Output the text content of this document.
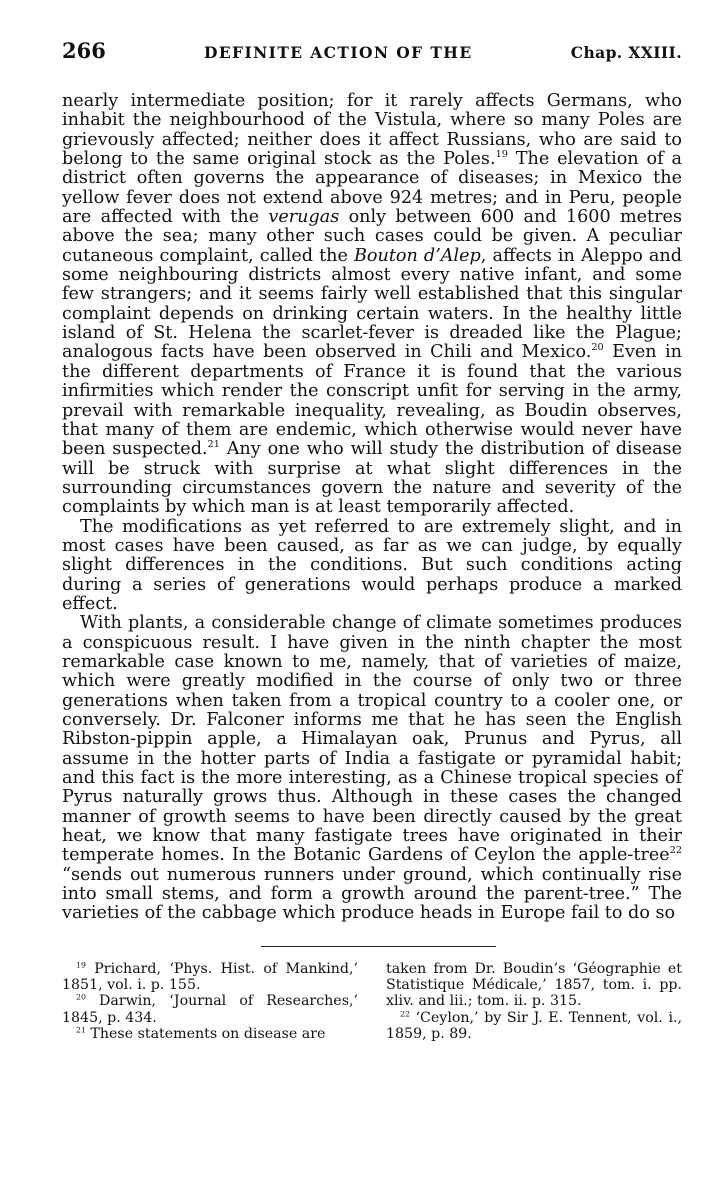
266	DEFINITE ACTION OF THE	Chap. XXIII.

nearly intermediate position; for it rarely affects Germans, who inhabit the neighbourhood of the Vistula, where so many Poles are grievously affected; neither does it affect Russians, who are said to belong to the same original stock as the Poles.$^{19}$ The elevation of a district often governs the appearance of diseases; in Mexico the yellow fever does not extend above 924 metres; and in Peru, people are affected with the verugas only between 600 and 1600 metres above the sea; many other such cases could be given. A peculiar cutaneous complaint, called the Bouton d’Alep, affects in Aleppo and some neighbouring districts almost every native infant, and some few strangers; and it seems fairly well established that this singular complaint depends on drinking certain waters. In the healthy little island of St. Helena the scarlet-fever is dreaded like the Plague; analogous facts have been observed in Chili and Mexico.$^{20}$ Even in the different departments of France it is found that the various infirmities which render the conscript unfit for serving in the army, prevail with remarkable inequality, revealing, as Boudin observes, that many of them are endemic, which otherwise would never have been suspected.$^{21}$ Any one who will study the distribution of disease will be struck with surprise at what slight differences in the surrounding circumstances govern the nature and severity of the complaints by which man is at least temporarily affected.

The modifications as yet referred to are extremely slight, and in most cases have been caused, as far as we can judge, by equally slight differences in the conditions. But such conditions acting during a series of generations would perhaps produce a marked effect.

With plants, a considerable change of climate sometimes produces a conspicuous result. I have given in the ninth chapter the most remarkable case known to me, namely, that of varieties of maize, which were greatly modified in the course of only two or three generations when taken from a tropical country to a cooler one, or conversely. Dr. Falconer informs me that he has seen the English Ribston-pippin apple, a Himalayan oak, Prunus and Pyrus, all assume in the hotter parts of India a fastigate or pyramidal habit; and this fact is the more interesting, as a Chinese tropical species of Pyrus naturally grows thus. Although in these cases the changed manner of growth seems to have been directly caused by the great heat, we know that many fastigate trees have originated in their temperate homes. In the Botanic Gardens of Ceylon the apple-tree$^{22}$ “sends out numerous runners under ground, which continually rise into small stems, and form a growth around the parent-tree.” The varieties of the cabbage which produce heads in Europe fail to do so

$^{19}$ Prichard, ‘Phys. Hist. of Mankind,’ 1851, vol. i. p. 155.

$^{20}$ Darwin, ‘Journal of Researches,’ 1845, p. 434.

$^{21}$ These statements on disease are

taken from Dr. Boudin’s ‘Géographie et Statistique Médicale,’ 1857, tom. i. pp. xliv. and lii.; tom. ii. p. 315.

$^{22}$ ‘Ceylon,’ by Sir J. E. Tennent, vol. i., 1859, p. 89.
